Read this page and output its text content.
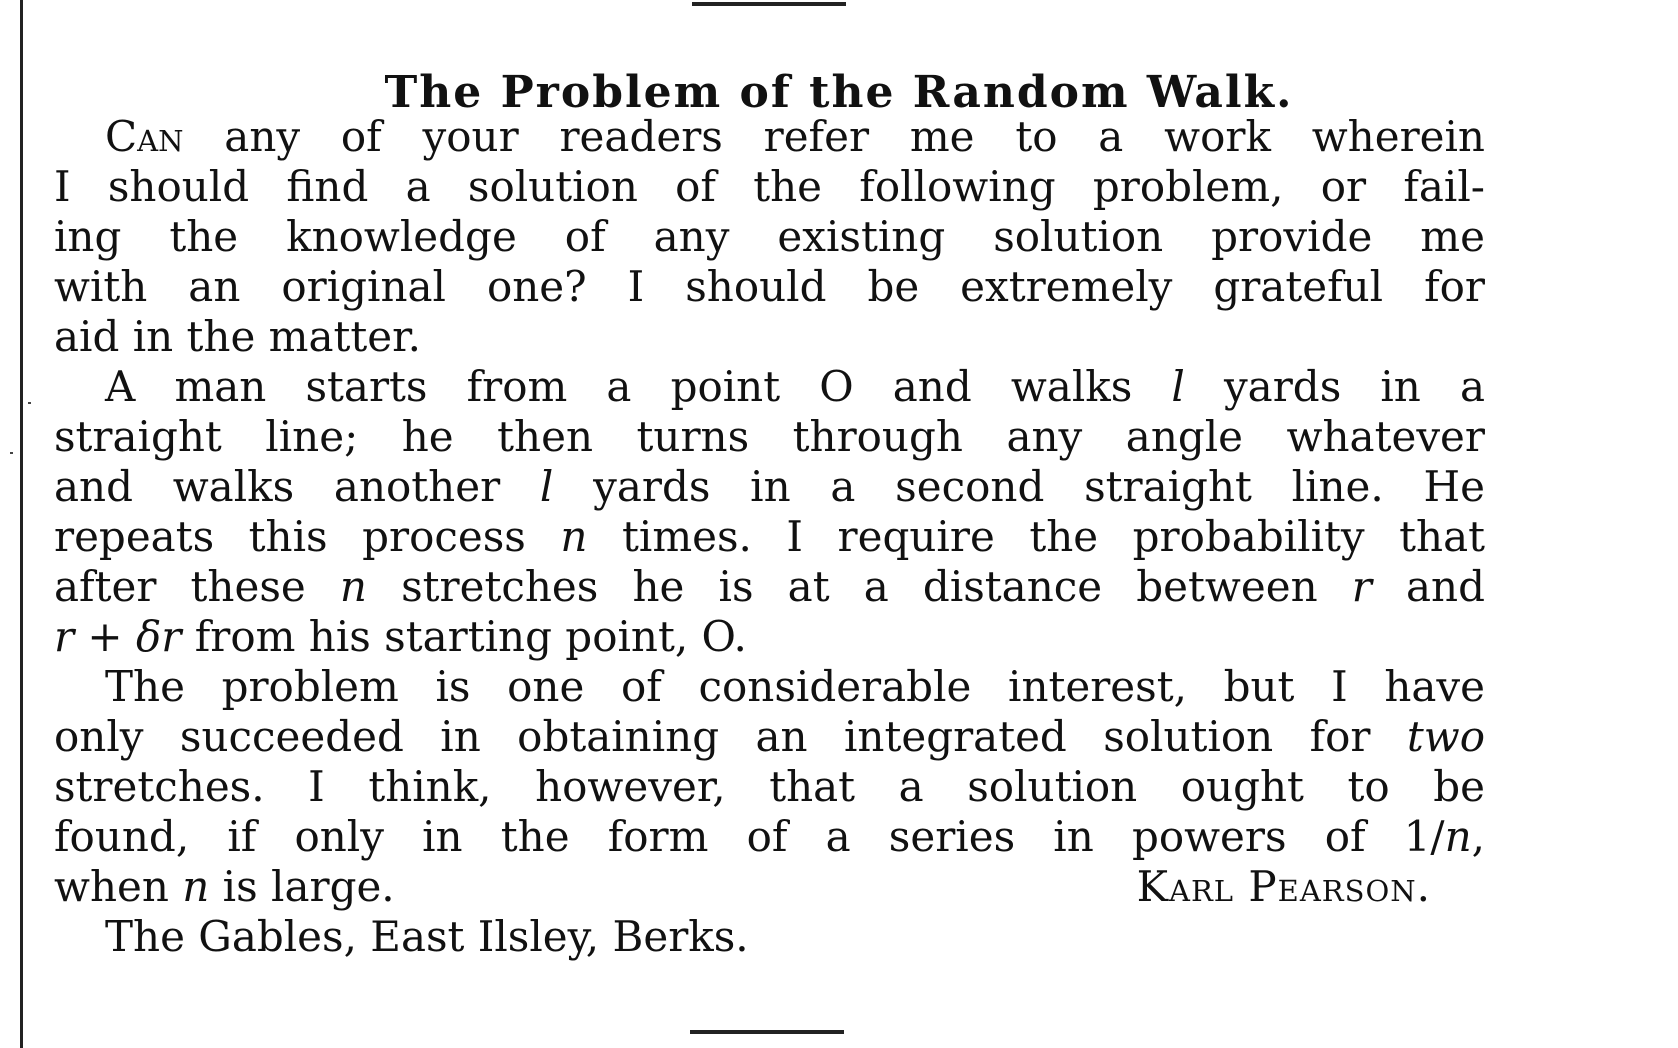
The Problem of the Random Walk.
Can any of your readers refer me to a work wherein
I should find a solution of the following problem, or fail-
ing the knowledge of any existing solution provide me
with an original one? I should be extremely grateful for
aid in the matter.
A man starts from a point O and walks l yards in a
straight line; he then turns through any angle whatever
and walks another l yards in a second straight line. He
repeats this process n times. I require the probability that
after these n stretches he is at a distance between r and
r + δr from his starting point, O.
The problem is one of considerable interest, but I have
only succeeded in obtaining an integrated solution for two
stretches. I think, however, that a solution ought to be
found, if only in the form of a series in powers of 1/n,
when n is large.	Karl Pearson.
The Gables, East Ilsley, Berks.
